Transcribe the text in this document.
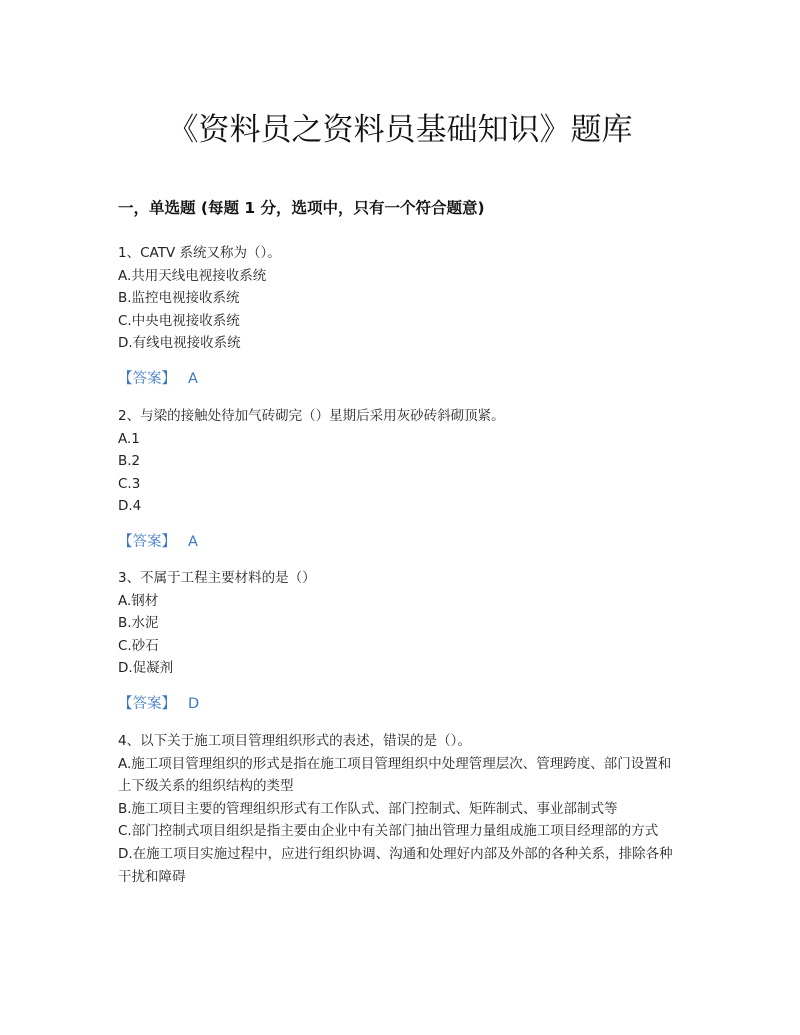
《资料员之资料员基础知识》题库
一，单选题 (每题 1 分，选项中，只有一个符合题意)
1、CATV 系统又称为（）。
A.共用天线电视接收系统
B.监控电视接收系统
C.中央电视接收系统
D.有线电视接收系统
【答案】 A
2、与梁的接触处待加气砖砌完（）星期后采用灰砂砖斜砌顶紧。
A.1
B.2
C.3
D.4
【答案】 A
3、不属于工程主要材料的是（）
A.钢材
B.水泥
C.砂石
D.促凝剂
【答案】 D
4、以下关于施工项目管理组织形式的表述，错误的是（）。
A.施工项目管理组织的形式是指在施工项目管理组织中处理管理层次、管理跨度、部门设置和上下级关系的组织结构的类型
B.施工项目主要的管理组织形式有工作队式、部门控制式、矩阵制式、事业部制式等
C.部门控制式项目组织是指主要由企业中有关部门抽出管理力量组成施工项目经理部的方式
D.在施工项目实施过程中，应进行组织协调、沟通和处理好内部及外部的各种关系，排除各种干扰和障碍
